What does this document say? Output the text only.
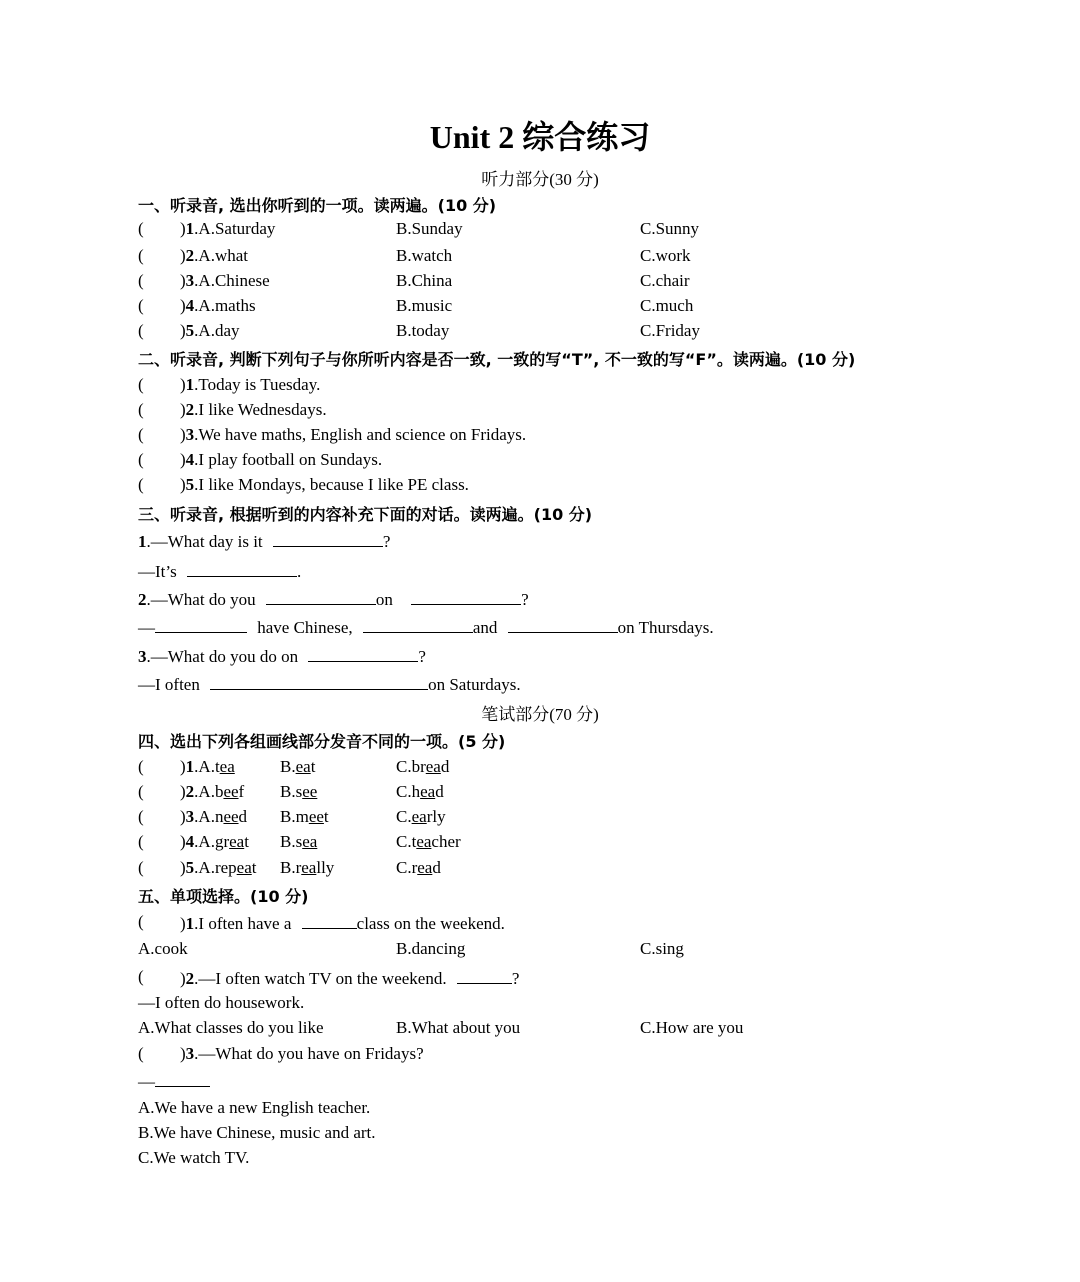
Unit 2 综合练习
听力部分(30 分)
一、听录音, 选出你听到的一项。读两遍。(10 分)
( )1.A.Saturday	B.Sunday	C.Sunny
( )2.A.what	B.watch	C.work
( )3.A.Chinese	B.China	C.chair
( )4.A.maths	B.music	C.much
( )5.A.day	B.today	C.Friday
二、听录音, 判断下列句子与你所听内容是否一致, 一致的写“T”, 不一致的写“F”。读两遍。(10 分)
( )1.Today is Tuesday.
( )2.I like Wednesdays.
( )3.We have maths, English and science on Fridays.
( )4.I play football on Sundays.
( )5.I like Mondays, because I like PE class.
三、听录音, 根据听到的内容补充下面的对话。读两遍。(10 分)
1.—What day is it	?
—It’s	.
2.—What do you	on	?
—	have Chinese,	and	on Thursdays.
3.—What do you do on	?
—I often	on Saturdays.
笔试部分(70 分)
四、选出下列各组画线部分发音不同的一项。(5 分)
( )1.A.tea	B.eat	C.bread
( )2.A.beef B.see	C.head
( )3.A.need B.meet	C.early
( )4.A.great B.sea	C.teacher
( )5.A.repeat B.really	C.read
五、单项选择。(10 分)
( )1.I often have a	class on the weekend.
A.cook	B.dancing	C.sing
( )2.—I often watch TV on the weekend.	?
—I often do housework.
A.What classes do you like	B.What about you	C.How are you
( )3.—What do you have on Fridays?
—
A.We have a new English teacher.
B.We have Chinese, music and art.
C.We watch TV.
